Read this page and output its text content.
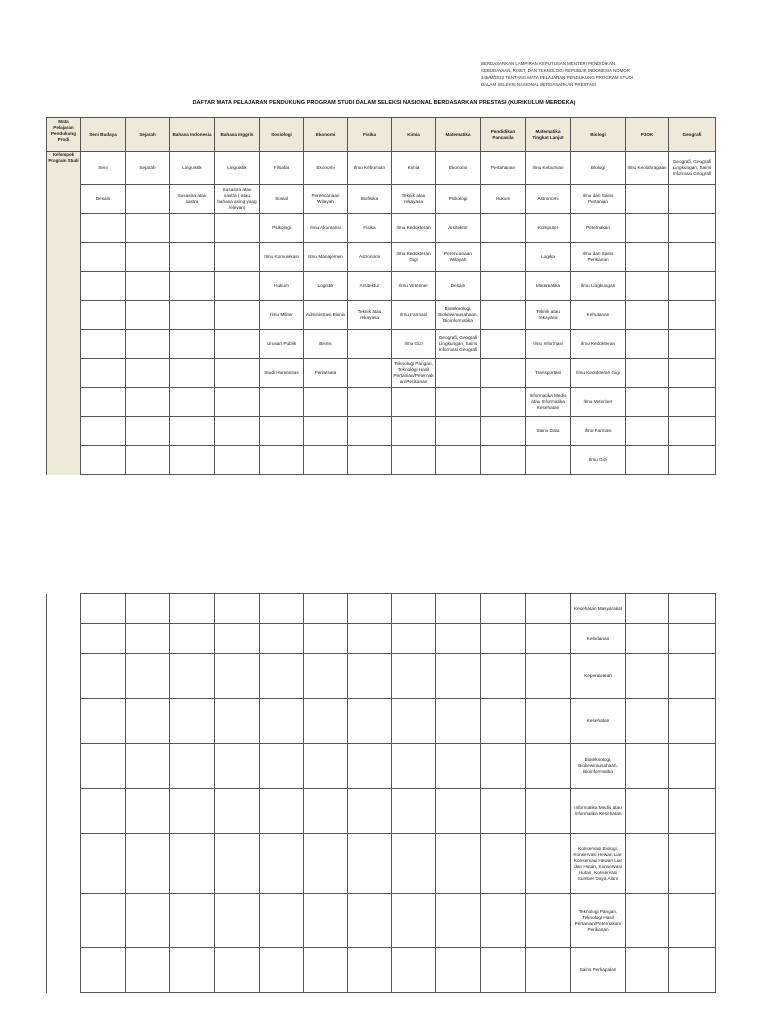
BERDASARKAN LAMPIRAN KEPUTUSAN MENTERI PENDIDIKAN, KEBUDAYAAN, RISET, DAN TEKNOLOGI REPUBLIK INDONESIA NOMOR 345/M/2022 TENTANG MATA PELAJARAN PENDUKUNG PROGRAM STUDI DALAM SELEKSI NASIONAL BERDASARKAN PRESTASI
DAFTAR MATA PELAJARAN PENDUKUNG PROGRAM STUDI DALAM SELEKSI NASIONAL BERDASARKAN PRESTASI (KURIKULUM MERDEKA)
Mata Pelajaran Pendukung Prodi	Seni Budaya	Sejarah	Bahasa Indonesia	Bahasa Inggris	Sosiologi	Ekonomi	Fisika	Kimia	Matematika	Pendidikan Pancasila	Matematika Tingkat Lanjut	Biologi	PJOK	Geografi
Kelompok Program Studi	Seni	Sejarah	Linguistik	Linguistik	Filsafat	Ekonomi	Ilmu Kebumian	Kimia	Ekonomi	Pertahanan	Ilmu Kebumian	Biologi	Ilmu Keolahragaan	Geografi, Geografi Lingkungan, Sains Informasi Geografi
	Desain		Susastra atau sastra	Susastra atau sastra ( atau bahasa asing yang relevan)	Sosial	Perencanaan Wilayah	Biofisika	Teknik atau rekayasa	Psikologi	Hukum	Astronomi	Ilmu dan Sains Pertanian		
					Psikologi	Ilmu Akuntansi	Fisika	Ilmu Kedokteran	Arsitektur		Komputer	Peternakan		
					Ilmu Komunikasi	Ilmu Manajemen	Astronomi	Ilmu Kedokteran Gigi	Perencanaan Wilayah		Logika	Ilmu dan Sains Perikanan		
					Hukum	Logistik	Arsitektur	Ilmu Veteriner	Desain		Matematika	Ilmu Lingkungan		
					Ilmu Militer	Administrasi Bisnis	Teknik atau rekayasa	Ilmu Farmasi	Bioteknologi, Biokewirausahaan, Bioinformatika		Teknik atau rekayasa	Kehutanan		
					Urusan Publik	Bisnis		Ilmu Gizi	Geografi, Geografi Lingkungan, Sains Informasi Geografi		Ilmu Informasi	Ilmu Kedokteran		
					Studi Humanitas	Pariwisata		Teknologi Pangan, Teknologi Hasil Pertanian/Peternakan/Perikanan			Transportasi	Ilmu Kedokteran Gigi		
											Informatika Medis atau Informatika Kesehatan	Ilmu Veteriner		
											Sains Data	Ilmu Farmasi		
												Ilmu Gizi		
												Kesehatan Masyarakat		
												Kebidanan		
												Keperawatan		
												Kesehatan		
												Bioteknologi, Biokewirausahaan, Bioinformatika		
												Informatika Medis atau Informatika Kesehatan		
												Konservasi Biologi, Konservasi Hewan Liar, Konservasi Hewan Liar dan Hutan, Konservasi Hutan, Konservasi Sumber Daya Alam		
												Teknologi Pangan, Teknologi Hasil Pertanian/Peternakan/ Perikanan		
												Sains Perkapalan		
